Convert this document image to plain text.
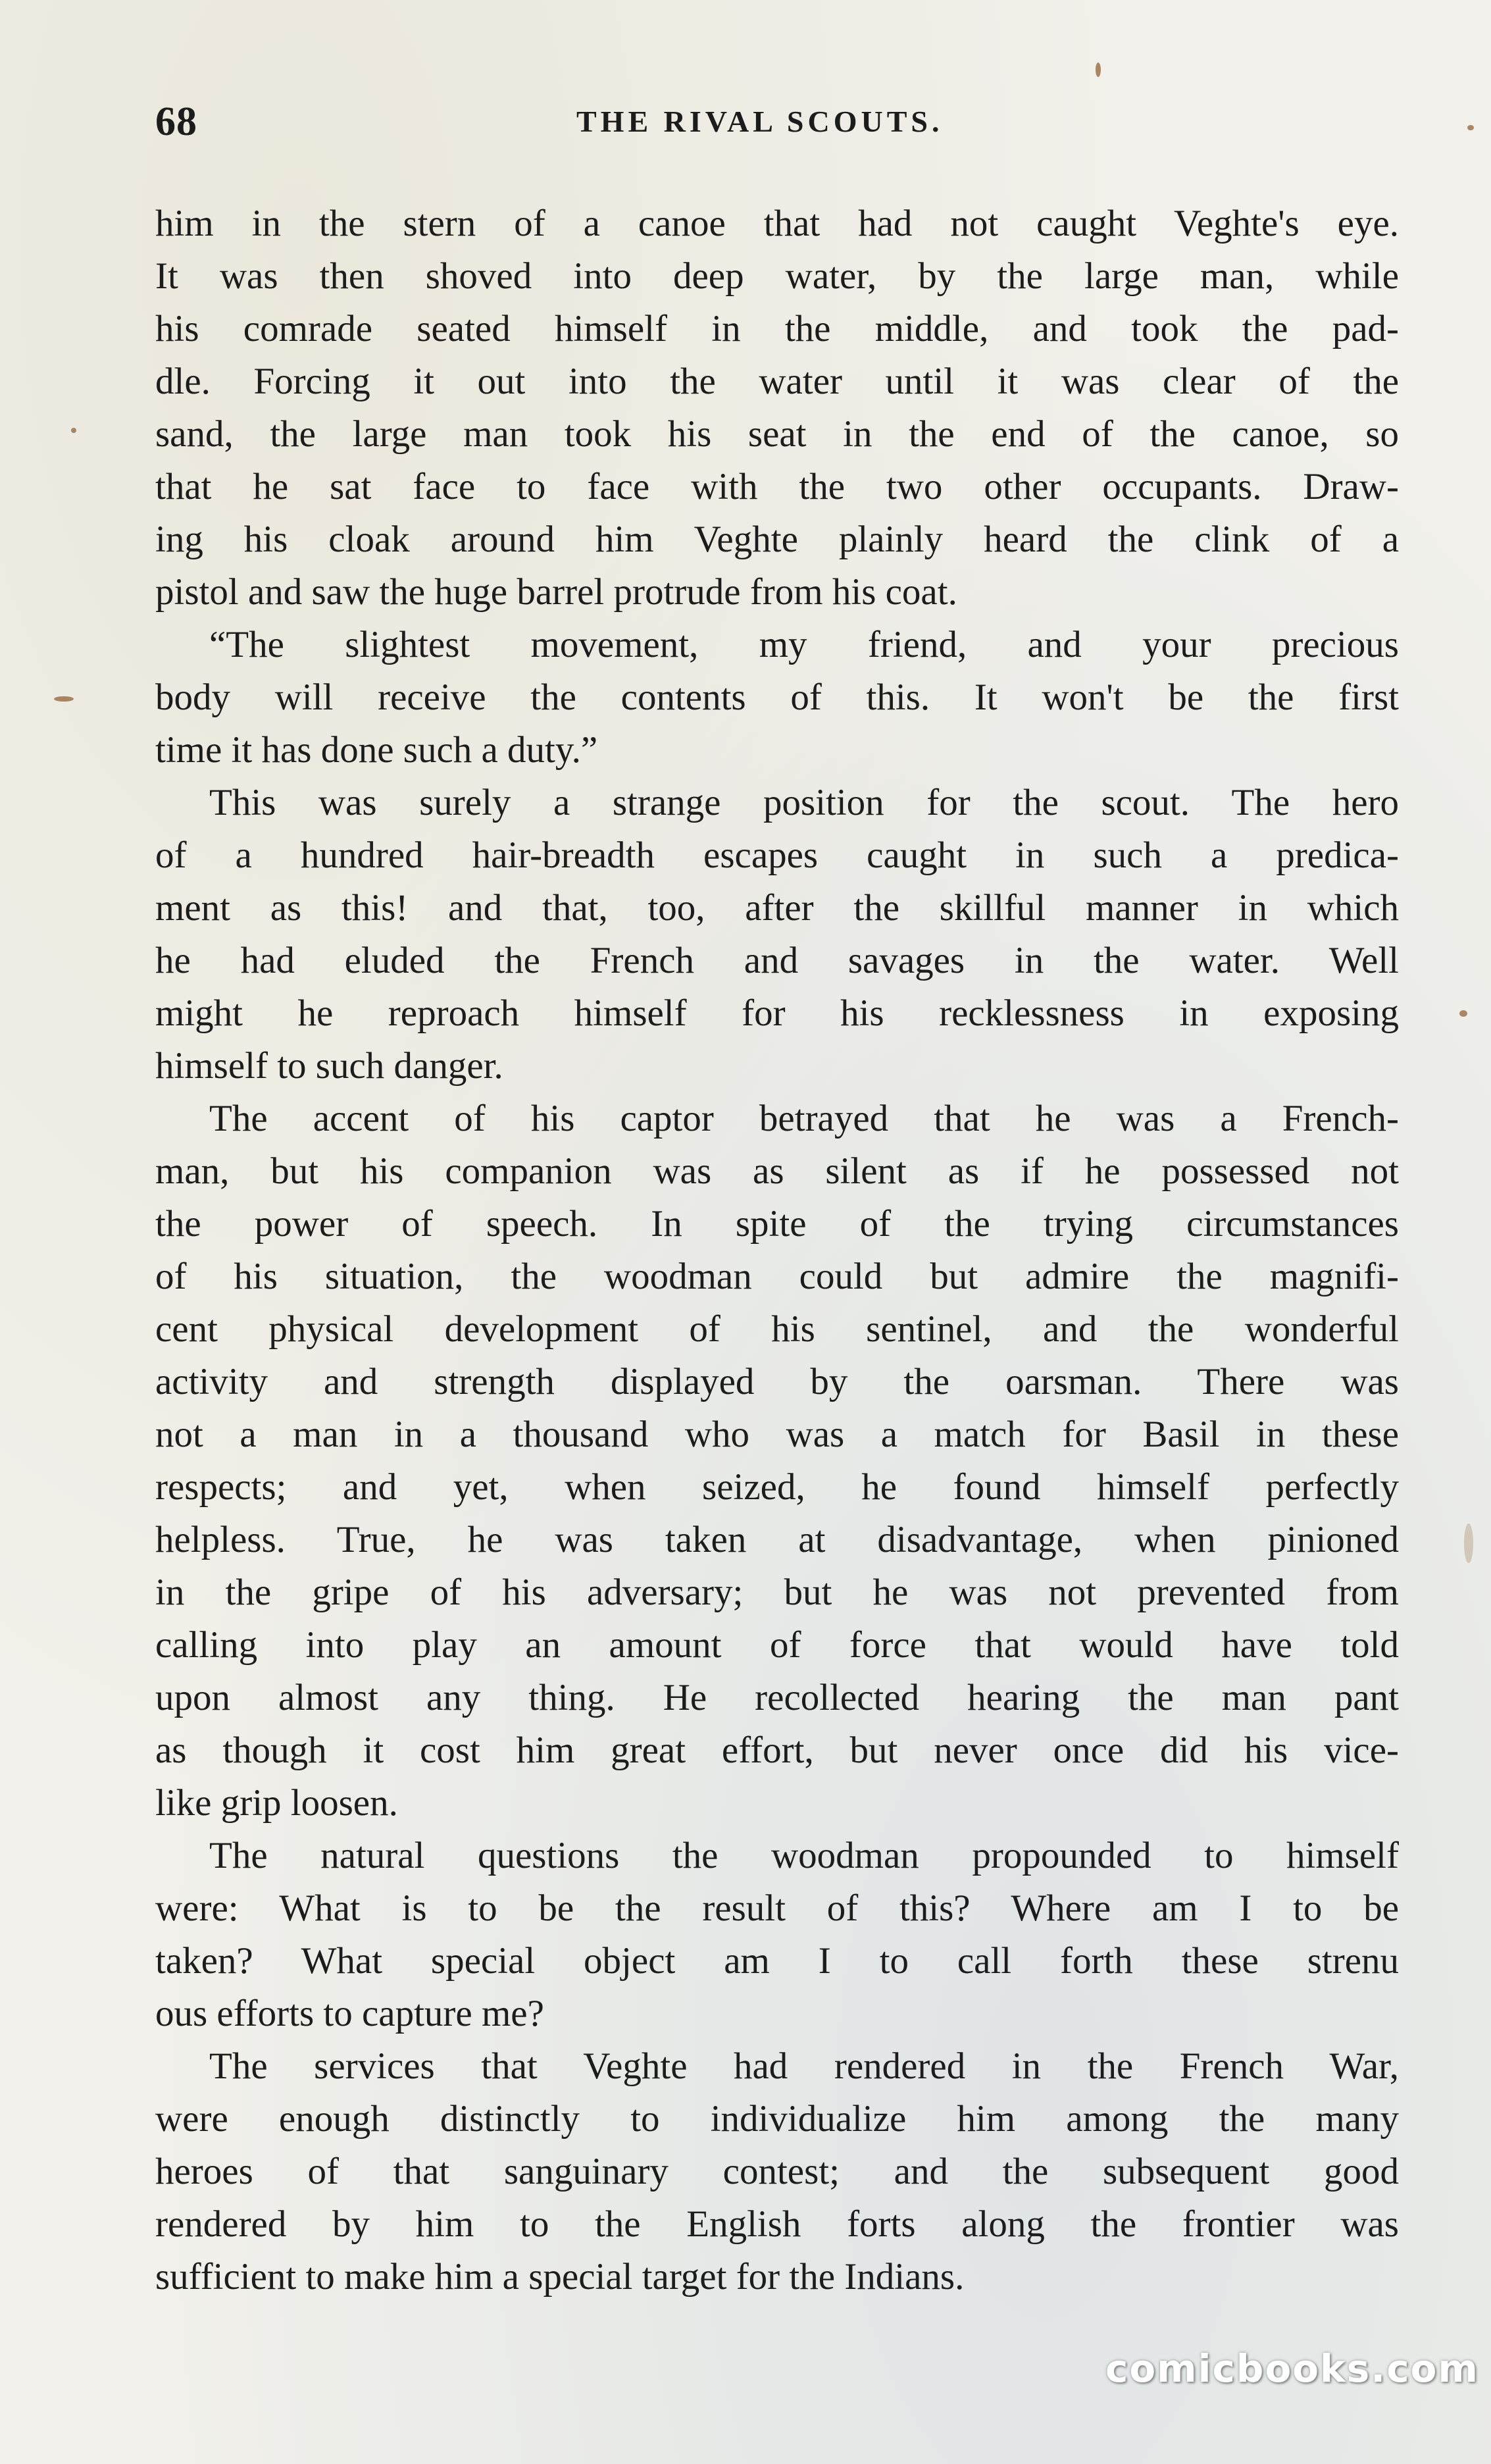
68	THE RIVAL SCOUTS.
him in the stern of a canoe that had not caught Veghte's eye.
It was then shoved into deep water, by the large man, while
his comrade seated himself in the middle, and took the pad-
dle. Forcing it out into the water until it was clear of the
sand, the large man took his seat in the end of the canoe, so
that he sat face to face with the two other occupants. Draw-
ing his cloak around him Veghte plainly heard the clink of a
pistol and saw the huge barrel protrude from his coat.
“The slightest movement, my friend, and your precious
body will receive the contents of this. It won't be the first
time it has done such a duty.”
This was surely a strange position for the scout. The hero
of a hundred hair-breadth escapes caught in such a predica-
ment as this! and that, too, after the skillful manner in which
he had eluded the French and savages in the water. Well
might he reproach himself for his recklessness in exposing
himself to such danger.
The accent of his captor betrayed that he was a French-
man, but his companion was as silent as if he possessed not
the power of speech. In spite of the trying circumstances
of his situation, the woodman could but admire the magnifi-
cent physical development of his sentinel, and the wonderful
activity and strength displayed by the oarsman. There was
not a man in a thousand who was a match for Basil in these
respects; and yet, when seized, he found himself perfectly
helpless. True, he was taken at disadvantage, when pinioned
in the gripe of his adversary; but he was not prevented from
calling into play an amount of force that would have told
upon almost any thing. He recollected hearing the man pant
as though it cost him great effort, but never once did his vice-
like grip loosen.
The natural questions the woodman propounded to himself
were: What is to be the result of this? Where am I to be
taken? What special object am I to call forth these strenu
ous efforts to capture me?
The services that Veghte had rendered in the French War,
were enough distinctly to individualize him among the many
heroes of that sanguinary contest; and the subsequent good
rendered by him to the English forts along the frontier was
sufficient to make him a special target for the Indians.
comicbooks.com
